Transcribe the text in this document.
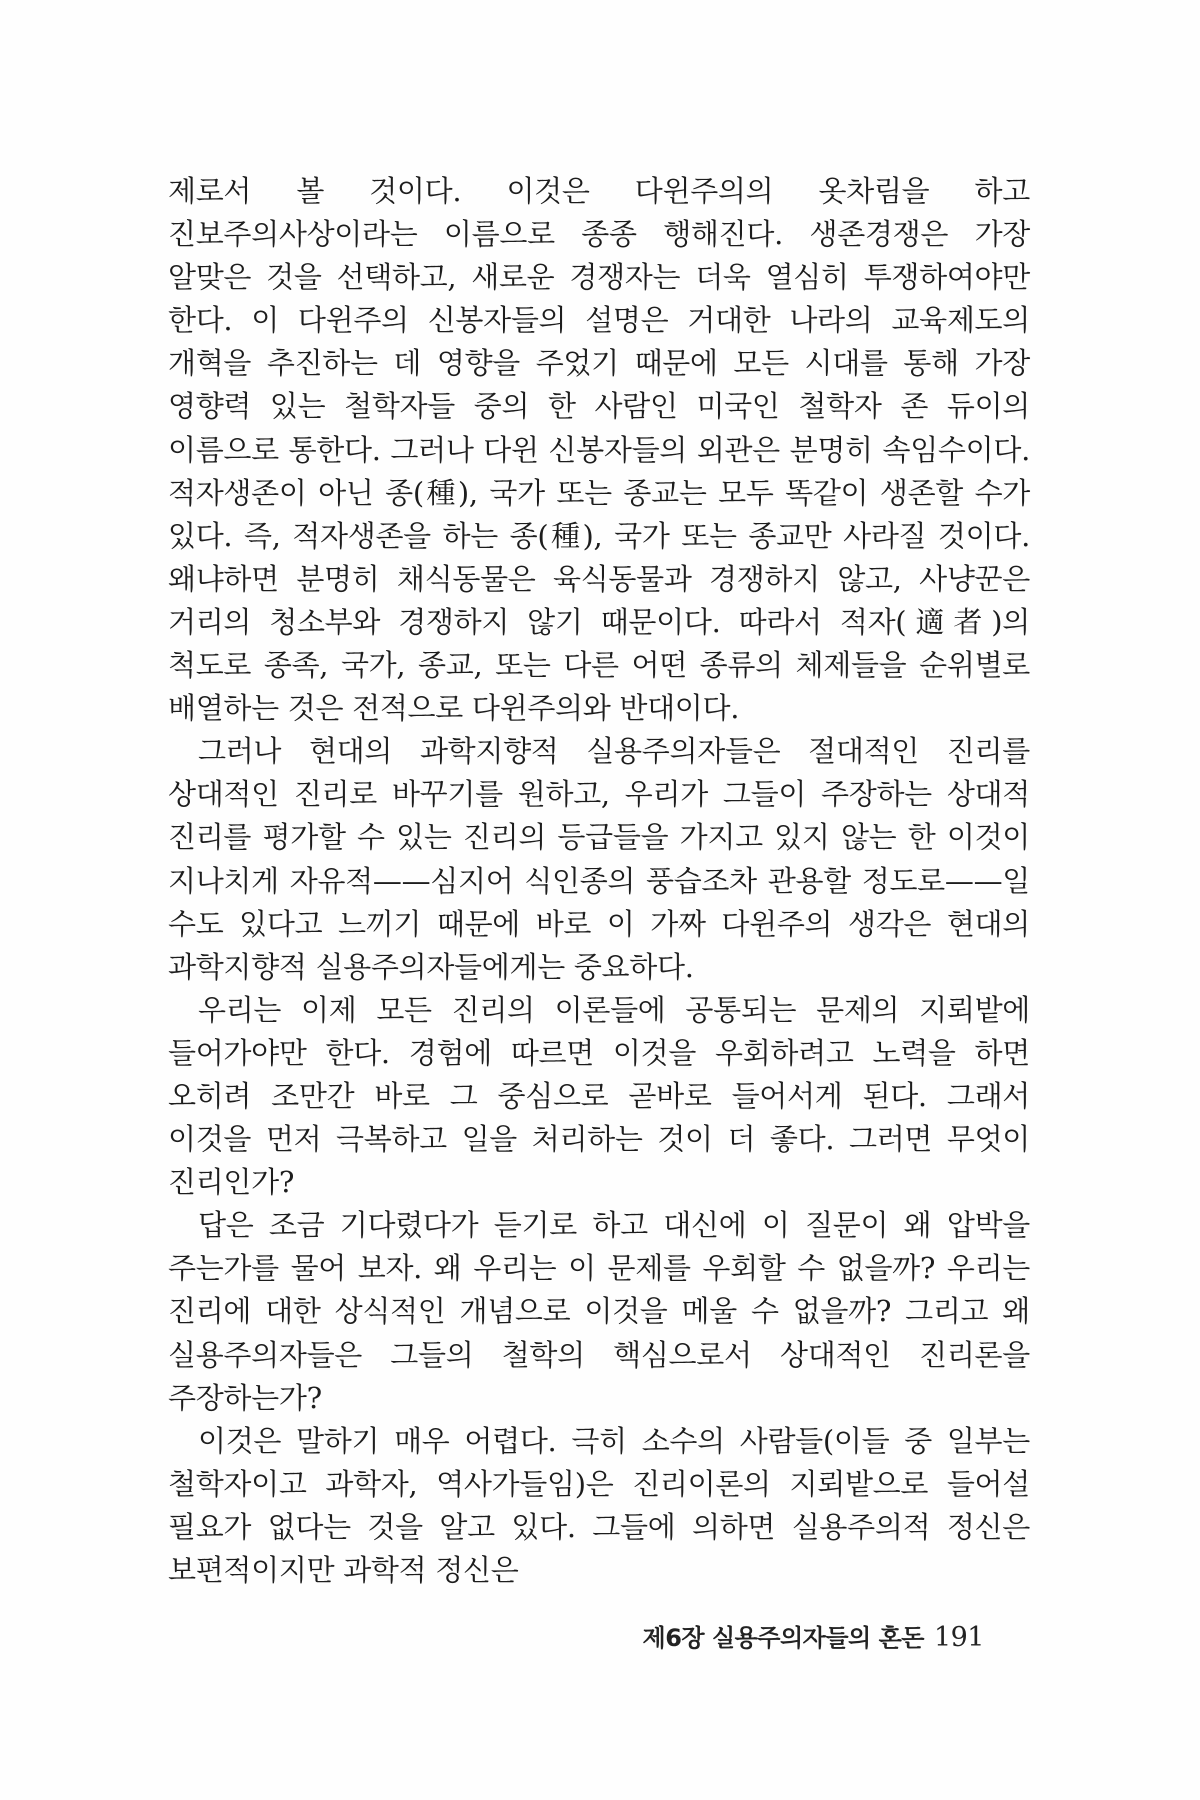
제로서 볼 것이다. 이것은 다윈주의의 옷차림을 하고 진보주의사상이라는 이름으로 종종 행해진다. 생존경쟁은 가장 알맞은 것을 선택하고, 새로운 경쟁자는 더욱 열심히 투쟁하여야만 한다. 이 다윈주의 신봉자들의 설명은 거대한 나라의 교육제도의 개혁을 추진하는 데 영향을 주었기 때문에 모든 시대를 통해 가장 영향력 있는 철학자들 중의 한 사람인 미국인 철학자 존 듀이의 이름으로 통한다. 그러나 다윈 신봉자들의 외관은 분명히 속임수이다. 적자생존이 아닌 종(種), 국가 또는 종교는 모두 똑같이 생존할 수가 있다. 즉, 적자생존을 하는 종(種), 국가 또는 종교만 사라질 것이다. 왜냐하면 분명히 채식동물은 육식동물과 경쟁하지 않고, 사냥꾼은 거리의 청소부와 경쟁하지 않기 때문이다. 따라서 적자(適者)의 척도로 종족, 국가, 종교, 또는 다른 어떤 종류의 체제들을 순위별로 배열하는 것은 전적으로 다윈주의와 반대이다.

그러나 현대의 과학지향적 실용주의자들은 절대적인 진리를 상대적인 진리로 바꾸기를 원하고, 우리가 그들이 주장하는 상대적 진리를 평가할 수 있는 진리의 등급들을 가지고 있지 않는 한 이것이 지나치게 자유적——심지어 식인종의 풍습조차 관용할 정도로——일 수도 있다고 느끼기 때문에 바로 이 가짜 다윈주의 생각은 현대의 과학지향적 실용주의자들에게는 중요하다.

우리는 이제 모든 진리의 이론들에 공통되는 문제의 지뢰밭에 들어가야만 한다. 경험에 따르면 이것을 우회하려고 노력을 하면 오히려 조만간 바로 그 중심으로 곧바로 들어서게 된다. 그래서 이것을 먼저 극복하고 일을 처리하는 것이 더 좋다. 그러면 무엇이 진리인가?

답은 조금 기다렸다가 듣기로 하고 대신에 이 질문이 왜 압박을 주는가를 물어 보자. 왜 우리는 이 문제를 우회할 수 없을까? 우리는 진리에 대한 상식적인 개념으로 이것을 메울 수 없을까? 그리고 왜 실용주의자들은 그들의 철학의 핵심으로서 상대적인 진리론을 주장하는가?

이것은 말하기 매우 어렵다. 극히 소수의 사람들(이들 중 일부는 철학자이고 과학자, 역사가들임)은 진리이론의 지뢰밭으로 들어설 필요가 없다는 것을 알고 있다. 그들에 의하면 실용주의적 정신은 보편적이지만 과학적 정신은

제6장 실용주의자들의 혼돈 191
